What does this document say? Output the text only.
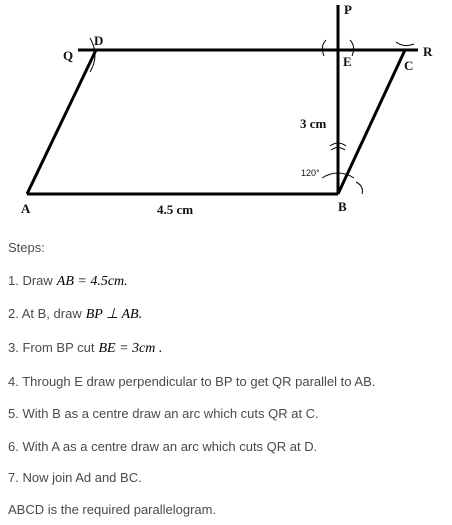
P
Q
D
E	C
R
A	B
4.5 cm
3 cm
120°
Steps:
1. Draw AB = 4.5cm.
2. At B, draw BP ⊥ AB.
3. From BP cut BE = 3cm .
4. Through E draw perpendicular to BP to get QR parallel to AB.
5. With B as a centre draw an arc which cuts QR at C.
6. With A as a centre draw an arc which cuts QR at D.
7. Now join Ad and BC.
ABCD is the required parallelogram.
